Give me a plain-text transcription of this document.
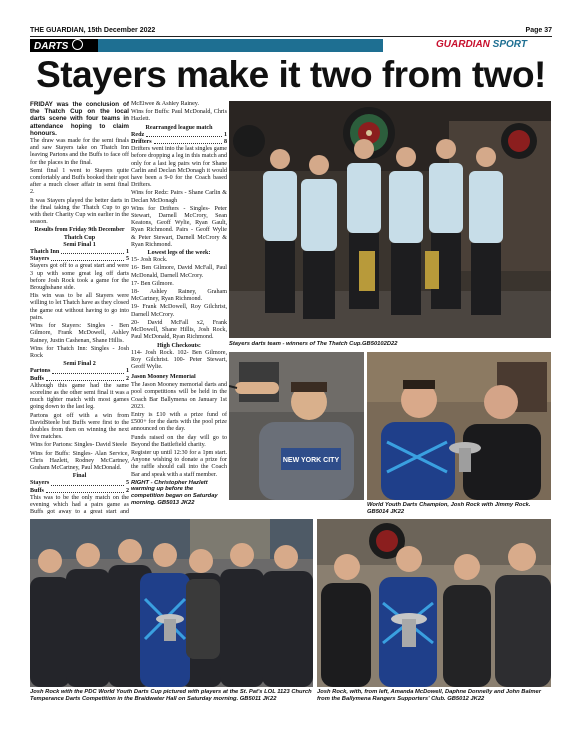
THE GUARDIAN, 15th December 2022	Page 37
DARTS	GUARDIAN SPORT
Stayers make it two from two!

FRIDAY was the conclusion of the Thatch Cup on the local darts scene with four teams in attendance hoping to claim honours.

The draw was made for the semi finals and saw Stayers take on Thatch Inn leaving Partons and the Buffs to face off for the places in the final.

Semi final 1 went to Stayers quite comfortably and Buffs booked their spot after a much closer affair in semi final 2.

It was Stayers played the better darts in the final taking the Thatch Cup to go with their Charity Cup win earlier in the season.

Results from Friday 9th December

Thatch Cup

Semi Final 1

Thatch Inn	1
Stayers	5

Stayers got off to a great start and were 3 up with some great leg off darts before Josh Rock took a game for the Broughshane side.

His win was to be all Stayers were willing to let Thatch have as they closed the game out without having to go into pairs.

Wins for Stayers: Singles - Ben Gilmore, Frank McDowell, Ashley Rainey, Justin Cashenan, Shane Hillis.

Wins for Thatch Inn: Singles - Josh Rock

Semi Final 2

Partons	1
Buffs	2

Although this game had the same scoreline as the other semi final it was a much tighter match with most games going down to the last leg.

Partons got off with a win from DavidSteele but Buffs were first to the doubles from then on winning the next five matches.

Wins for Partons: Singles- David Steele

Wins for Buffs: Singles- Alan Service, Chris Hazlett, Rodney McCartney, Graham McCartney, Paul McDonald.

Final

Stayers	5
Buffs	2

This was to be the only match on the evening which had a pairs game as Buffs got away to a great start and

McElwee & Ashley Rainey.

Wins for Buffs: Paul McDonald, Chris Hazlett.

Rearranged league match

Redz	1
Drifters	8

Drifters went into the last singles game before dropping a leg in this match and only for a last leg pairs win for Shane Carlin and Declan McDonagh it would have been a 9-0 for the Coach based Drifters.

Wins for Redz: Pairs - Shane Carlin & Declan McDonagh

Wins for Drifters - Singles- Peter Stewart, Darnell McCrory, Sean Keatons, Geoff Wylie, Ryan Gault, Ryan Richmond. Pairs - Geoff Wylie & Peter Stewart, Darnell McCrory & Ryan Richmond.

Lowest legs of the week:

15- Josh Rock.

16- Ben Gilmore, David McFall, Paul McDonald, Darnell McCrory.

17- Ben Gilmore.

18- Ashley Rainey, Graham McCartney, Ryan Richmond.

19- Frank McDowell, Roy Gilchrist, Darnell McCrory.

20- David McFall x2, Frank McDowell, Shane Hillis, Josh Rock, Paul McDonald, Ryan Richmond.

High Checkouts:

114- Josh Rock. 102- Ben Gilmore, Roy Gilchrist. 100- Peter Stewart, Geoff Wylie.

Jason Mooney Memorial

The Jason Mooney memorial darts and pool competitions will be held in the Coach Bar Ballymena on January 1st 2023.

Entry is £10 with a prize fund of £500+ for the darts with the pool prize announced on the day.

Funds raised on the day will go to Beyond the Battlefield charity.

Register up until 12:30 for a 1pm start. Anyone wishing to donate a prize for the raffle should call into the Coach Bar and speak with a staff member.

RIGHT - Christopher Hazlett warming up before the competition began on Saturday morning. GB5013 JK22

Stayers darts team - winners of The Thatch Cup.GB50102D22
NEW YORK CITY
World Youth Darts Champion, Josh Rock with Jimmy Rock. GB5014 JK22
Josh Rock with the PDC World Youth Darts Cup pictured with players at the St. Pat's LOL 1123 Church Temperance Darts Competition in the Braidwater Hall on Saturday morning. GB5011 JK22
Josh Rock, with, from left, Amanda McDowell, Daphne Donnelly and John Balmer from the Ballymena Rangers Supporters' Club. GB5012 JK22
